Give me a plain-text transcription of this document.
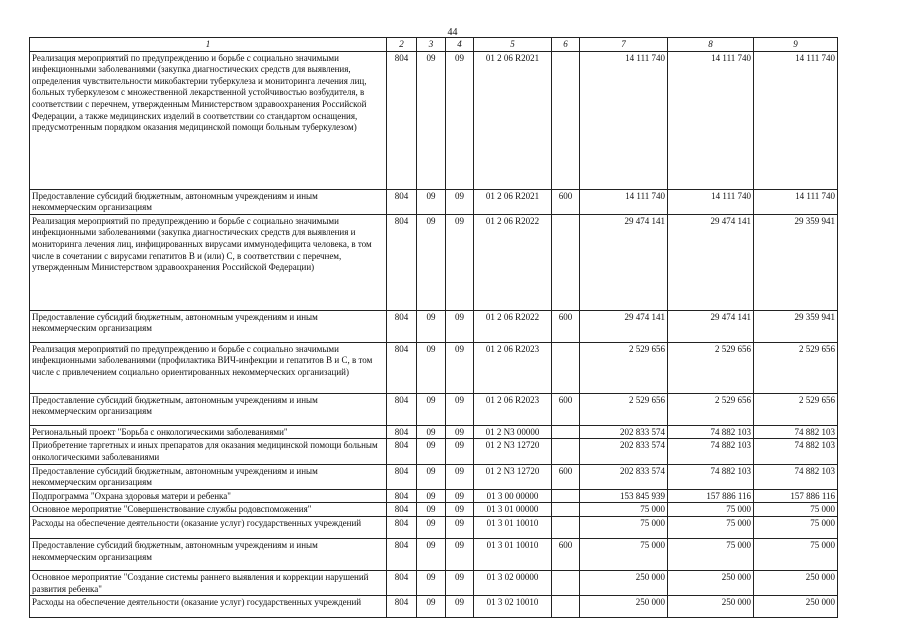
44
1	2	3	4	5	6	7	8	9
Реализация мероприятий по предупреждению и борьбе с социально значимыми инфекционными заболеваниями (закупка диагностических средств для выявления, определения чувствительности микобактерии туберкулеза и мониторинга лечения лиц, больных туберкулезом с множественной лекарственной устойчивостью возбудителя, в соответствии с перечнем, утвержденным Министерством здравоохранения Российской Федерации, а также медицинских изделий в соответствии со стандартом оснащения, предусмотренным порядком оказания медицинской помощи больным туберкулезом)	804	09	09	01 2 06 R2021		14 111 740	14 111 740	14 111 740
Предоставление субсидий бюджетным, автономным учреждениям и иным некоммерческим организациям	804	09	09	01 2 06 R2021	600	14 111 740	14 111 740	14 111 740
Реализация мероприятий по предупреждению и борьбе с социально значимыми инфекционными заболеваниями (закупка диагностических средств для выявления и мониторинга лечения лиц, инфицированных вирусами иммунодефицита человека, в том числе в сочетании с вирусами гепатитов В и (или) С, в соответствии с перечнем, утвержденным Министерством здравоохранения Российской Федерации)	804	09	09	01 2 06 R2022		29 474 141	29 474 141	29 359 941
Предоставление субсидий бюджетным, автономным учреждениям и иным некоммерческим организациям	804	09	09	01 2 06 R2022	600	29 474 141	29 474 141	29 359 941
Реализация мероприятий по предупреждению и борьбе с социально значимыми инфекционными заболеваниями (профилактика ВИЧ-инфекции и гепатитов В и С, в том числе с привлечением социально ориентированных некоммерческих организаций)	804	09	09	01 2 06 R2023		2 529 656	2 529 656	2 529 656
Предоставление субсидий бюджетным, автономным учреждениям и иным некоммерческим организациям	804	09	09	01 2 06 R2023	600	2 529 656	2 529 656	2 529 656
Региональный проект "Борьба с онкологическими заболеваниями"	804	09	09	01 2 N3 00000		202 833 574	74 882 103	74 882 103
Приобретение таргетных и иных препаратов для оказания медицинской помощи больным онкологическими заболеваниями	804	09	09	01 2 N3 12720		202 833 574	74 882 103	74 882 103
Предоставление субсидий бюджетным, автономным учреждениям и иным некоммерческим организациям	804	09	09	01 2 N3 12720	600	202 833 574	74 882 103	74 882 103
Подпрограмма "Охрана здоровья матери и ребенка"	804	09	09	01 3 00 00000		153 845 939	157 886 116	157 886 116
Основное мероприятие "Совершенствование службы родовспоможения"	804	09	09	01 3 01 00000		75 000	75 000	75 000
Расходы на обеспечение деятельности (оказание услуг) государственных учреждений	804	09	09	01 3 01 10010		75 000	75 000	75 000
Предоставление субсидий бюджетным, автономным учреждениям и иным некоммерческим организациям	804	09	09	01 3 01 10010	600	75 000	75 000	75 000
Основное мероприятие "Создание системы раннего выявления и коррекции нарушений развития ребенка"	804	09	09	01 3 02 00000		250 000	250 000	250 000
Расходы на обеспечение деятельности (оказание услуг) государственных учреждений	804	09	09	01 3 02 10010		250 000	250 000	250 000
